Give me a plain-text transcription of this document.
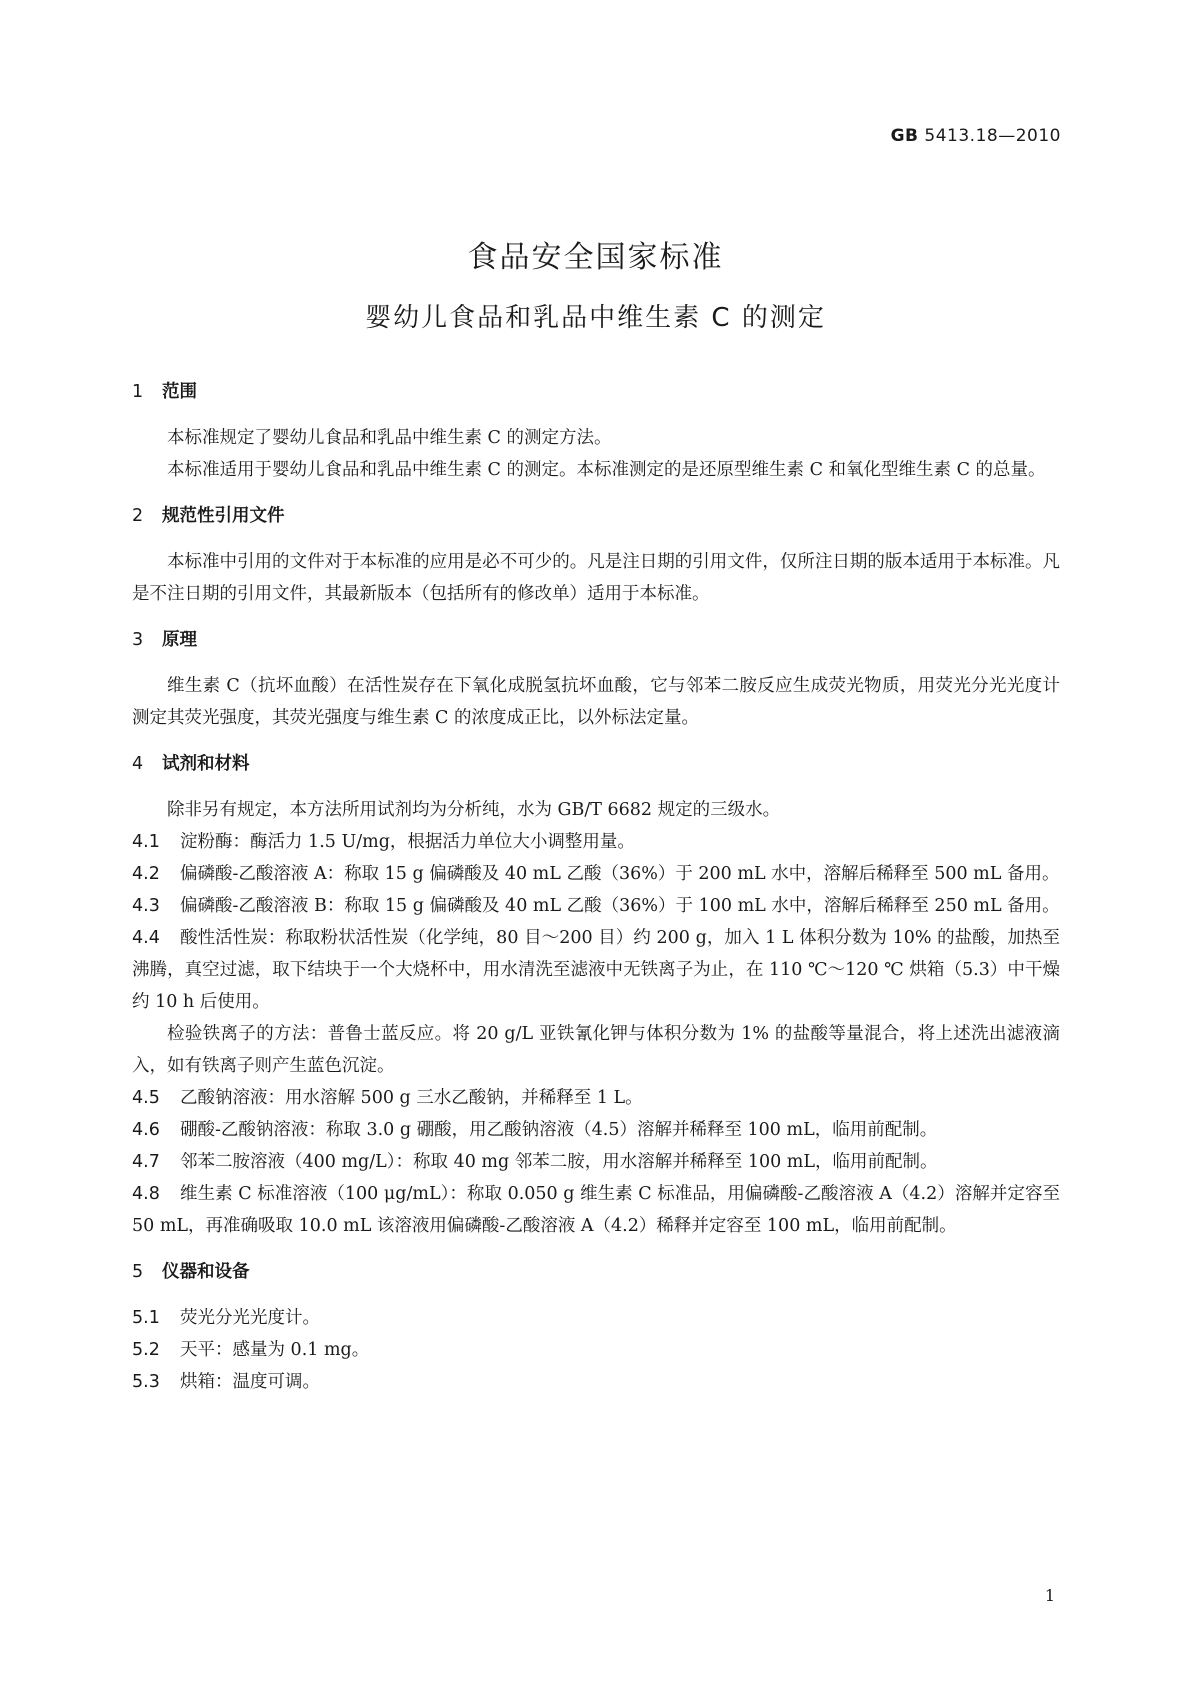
GB 5413.18—2010
食品安全国家标准
婴幼儿食品和乳品中维生素 C 的测定
1 范围

本标准规定了婴幼儿食品和乳品中维生素 C 的测定方法。

本标准适用于婴幼儿食品和乳品中维生素 C 的测定。本标准测定的是还原型维生素 C 和氧化型维生素 C 的总量。

2 规范性引用文件

本标准中引用的文件对于本标准的应用是必不可少的。凡是注日期的引用文件，仅所注日期的版本适用于本标准。凡是不注日期的引用文件，其最新版本（包括所有的修改单）适用于本标准。

3 原理

维生素 C（抗坏血酸）在活性炭存在下氧化成脱氢抗坏血酸，它与邻苯二胺反应生成荧光物质，用荧光分光光度计测定其荧光强度，其荧光强度与维生素 C 的浓度成正比，以外标法定量。

4 试剂和材料

除非另有规定，本方法所用试剂均为分析纯，水为 GB/T 6682 规定的三级水。

4.1 淀粉酶：酶活力 1.5 U/mg，根据活力单位大小调整用量。

4.2 偏磷酸-乙酸溶液 A：称取 15 g 偏磷酸及 40 mL 乙酸（36%）于 200 mL 水中，溶解后稀释至 500 mL 备用。

4.3 偏磷酸-乙酸溶液 B：称取 15 g 偏磷酸及 40 mL 乙酸（36%）于 100 mL 水中，溶解后稀释至 250 mL 备用。

4.4 酸性活性炭：称取粉状活性炭（化学纯，80 目～200 目）约 200 g，加入 1 L 体积分数为 10% 的盐酸，加热至沸腾，真空过滤，取下结块于一个大烧杯中，用水清洗至滤液中无铁离子为止，在 110 ℃～120 ℃ 烘箱（5.3）中干燥约 10 h 后使用。

检验铁离子的方法：普鲁士蓝反应。将 20 g/L 亚铁氰化钾与体积分数为 1% 的盐酸等量混合，将上述洗出滤液滴入，如有铁离子则产生蓝色沉淀。

4.5 乙酸钠溶液：用水溶解 500 g 三水乙酸钠，并稀释至 1 L。

4.6 硼酸-乙酸钠溶液：称取 3.0 g 硼酸，用乙酸钠溶液（4.5）溶解并稀释至 100 mL，临用前配制。

4.7 邻苯二胺溶液（400 mg/L）：称取 40 mg 邻苯二胺，用水溶解并稀释至 100 mL，临用前配制。

4.8 维生素 C 标准溶液（100 μg/mL）：称取 0.050 g 维生素 C 标准品，用偏磷酸-乙酸溶液 A（4.2）溶解并定容至 50 mL，再准确吸取 10.0 mL 该溶液用偏磷酸-乙酸溶液 A（4.2）稀释并定容至 100 mL，临用前配制。

5 仪器和设备

5.1 荧光分光光度计。

5.2 天平：感量为 0.1 mg。

5.3 烘箱：温度可调。

1
